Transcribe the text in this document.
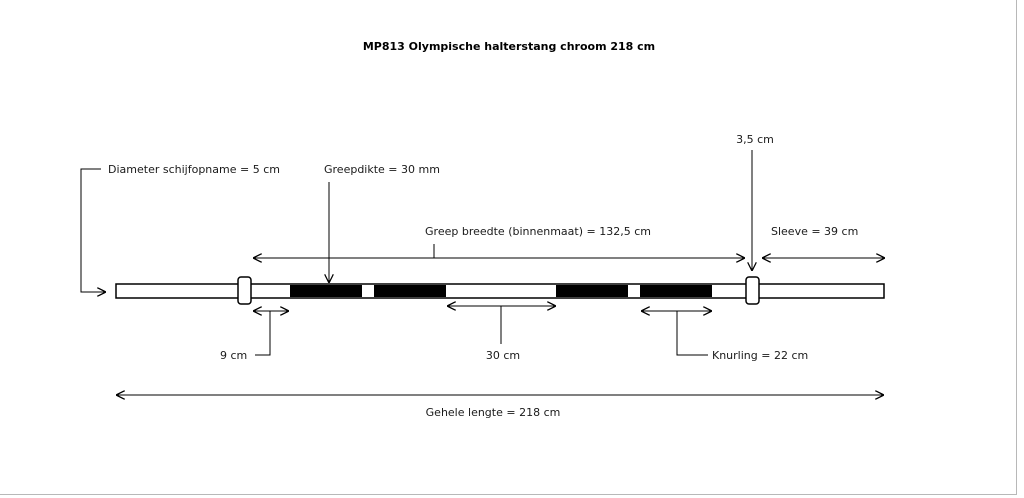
MP813 Olympische halterstang chroom 218 cm
Diameter schijfopname = 5 cm	Greepdikte = 30 mm
3,5 cm
Greep breedte (binnenmaat) = 132,5 cm	Sleeve = 39 cm
9 cm	30 cm	Knurling = 22 cm
Gehele lengte = 218 cm
